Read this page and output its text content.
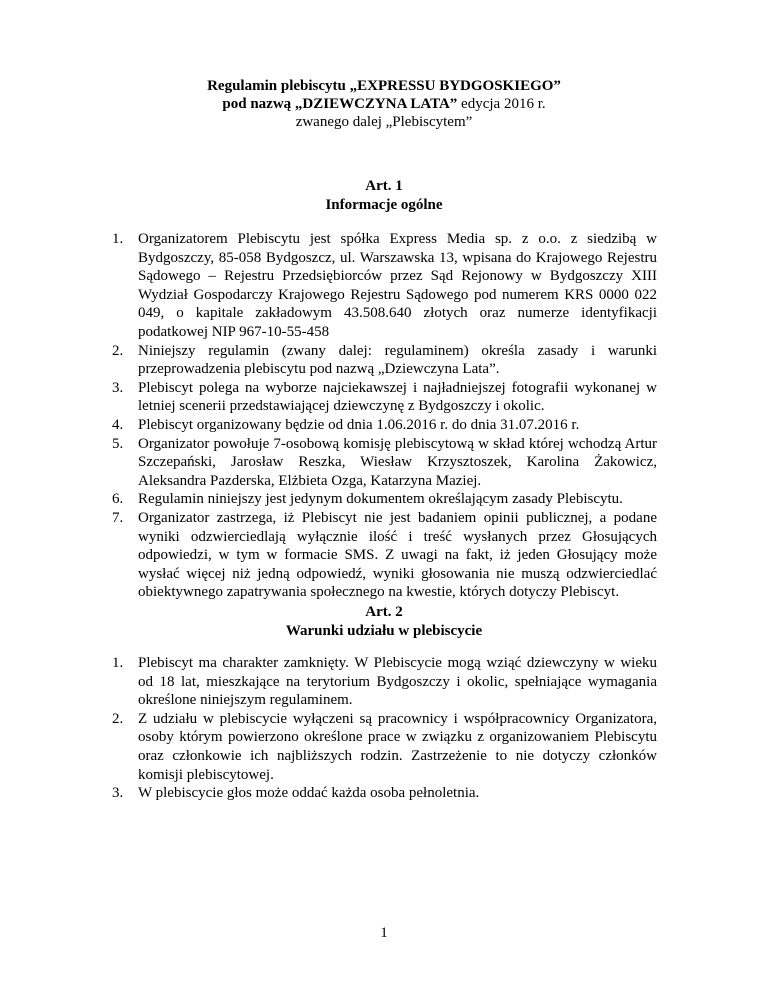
Regulamin plebiscytu „EXPRESSU BYDGOSKIEGO”
pod nazwą „DZIEWCZYNA LATA” edycja 2016 r.
zwanego dalej „Plebiscytem”
Art. 1
Informacje ogólne
1. Organizatorem Plebiscytu jest spółka Express Media sp. z o.o. z siedzibą w Bydgoszczy, 85-058 Bydgoszcz, ul. Warszawska 13, wpisana do Krajowego Rejestru Sądowego – Rejestru Przedsiębiorców przez Sąd Rejonowy w Bydgoszczy XIII Wydział Gospodarczy Krajowego Rejestru Sądowego pod numerem KRS 0000 022 049, o kapitale zakładowym 43.508.640 złotych oraz numerze identyfikacji podatkowej NIP 967-10-55-458
2. Niniejszy regulamin (zwany dalej: regulaminem) określa zasady i warunki przeprowadzenia plebiscytu pod nazwą „Dziewczyna Lata”.
3. Plebiscyt polega na wyborze najciekawszej i najładniejszej fotografii wykonanej w letniej scenerii przedstawiającej dziewczynę z Bydgoszczy i okolic.
4. Plebiscyt organizowany będzie od dnia 1.06.2016 r. do dnia 31.07.2016 r.
5. Organizator powołuje 7-osobową komisję plebiscytową w skład której wchodzą Artur Szczepański, Jarosław Reszka, Wiesław Krzysztoszek, Karolina Żakowicz, Aleksandra Pazderska, Elżbieta Ozga, Katarzyna Maziej.
6. Regulamin niniejszy jest jedynym dokumentem określającym zasady Plebiscytu.
7. Organizator zastrzega, iż Plebiscyt nie jest badaniem opinii publicznej, a podane wyniki odzwierciedlają wyłącznie ilość i treść wysłanych przez Głosujących odpowiedzi, w tym w formacie SMS. Z uwagi na fakt, iż jeden Głosujący może wysłać więcej niż jedną odpowiedź, wyniki głosowania nie muszą odzwierciedlać obiektywnego zapatrywania społecznego na kwestie, których dotyczy Plebiscyt.
Art. 2
Warunki udziału w plebiscycie
1. Plebiscyt ma charakter zamknięty. W Plebiscycie mogą wziąć dziewczyny w wieku od 18 lat, mieszkające na terytorium Bydgoszczy i okolic, spełniające wymagania określone niniejszym regulaminem.
2. Z udziału w plebiscycie wyłączeni są pracownicy i współpracownicy Organizatora, osoby którym powierzono określone prace w związku z organizowaniem Plebiscytu oraz członkowie ich najbliższych rodzin. Zastrzeżenie to nie dotyczy członków komisji plebiscytowej.
3. W plebiscycie głos może oddać każda osoba pełnoletnia.
1
